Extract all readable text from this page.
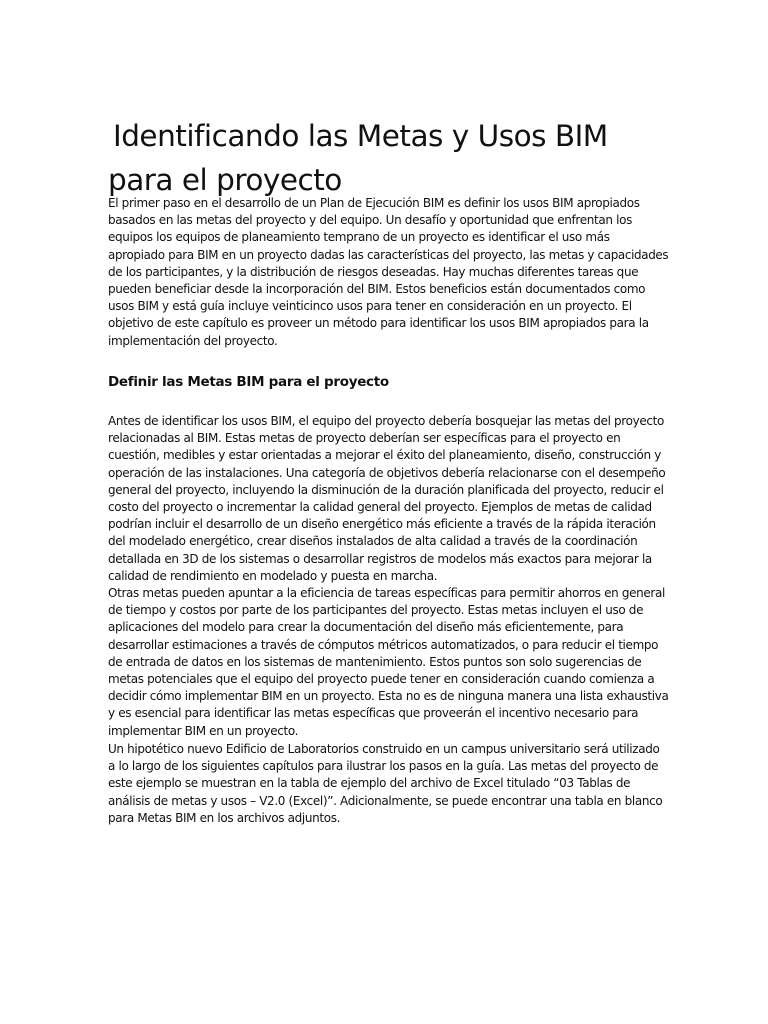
Identificando las Metas y Usos BIM
para el proyecto

El primer paso en el desarrollo de un Plan de Ejecución BIM es definir los usos BIM apropiados
basados en las metas del proyecto y del equipo. Un desafío y oportunidad que enfrentan los
equipos los equipos de planeamiento temprano de un proyecto es identificar el uso más
apropiado para BIM en un proyecto dadas las características del proyecto, las metas y capacidades
de los participantes, y la distribución de riesgos deseadas. Hay muchas diferentes tareas que
pueden beneficiar desde la incorporación del BIM. Estos beneficios están documentados como
usos BIM y está guía incluye veinticinco usos para tener en consideración en un proyecto. El
objetivo de este capítulo es proveer un método para identificar los usos BIM apropiados para la
implementación del proyecto.

Definir las Metas BIM para el proyecto

Antes de identificar los usos BIM, el equipo del proyecto debería bosquejar las metas del proyecto
relacionadas al BIM. Estas metas de proyecto deberían ser específicas para el proyecto en
cuestión, medibles y estar orientadas a mejorar el éxito del planeamiento, diseño, construcción y
operación de las instalaciones. Una categoría de objetivos debería relacionarse con el desempeño
general del proyecto, incluyendo la disminución de la duración planificada del proyecto, reducir el
costo del proyecto o incrementar la calidad general del proyecto. Ejemplos de metas de calidad
podrían incluir el desarrollo de un diseño energético más eficiente a través de la rápida iteración
del modelado energético, crear diseños instalados de alta calidad a través de la coordinación
detallada en 3D de los sistemas o desarrollar registros de modelos más exactos para mejorar la
calidad de rendimiento en modelado y puesta en marcha.

Otras metas pueden apuntar a la eficiencia de tareas específicas para permitir ahorros en general
de tiempo y costos por parte de los participantes del proyecto. Estas metas incluyen el uso de
aplicaciones del modelo para crear la documentación del diseño más eficientemente, para
desarrollar estimaciones a través de cómputos métricos automatizados, o para reducir el tiempo
de entrada de datos en los sistemas de mantenimiento. Estos puntos son solo sugerencias de
metas potenciales que el equipo del proyecto puede tener en consideración cuando comienza a
decidir cómo implementar BIM en un proyecto. Esta no es de ninguna manera una lista exhaustiva
y es esencial para identificar las metas específicas que proveerán el incentivo necesario para
implementar BIM en un proyecto.

Un hipotético nuevo Edificio de Laboratorios construido en un campus universitario será utilizado
a lo largo de los siguientes capítulos para ilustrar los pasos en la guía. Las metas del proyecto de
este ejemplo se muestran en la tabla de ejemplo del archivo de Excel titulado “03 Tablas de
análisis de metas y usos – V2.0 (Excel)”. Adicionalmente, se puede encontrar una tabla en blanco
para Metas BIM en los archivos adjuntos.
